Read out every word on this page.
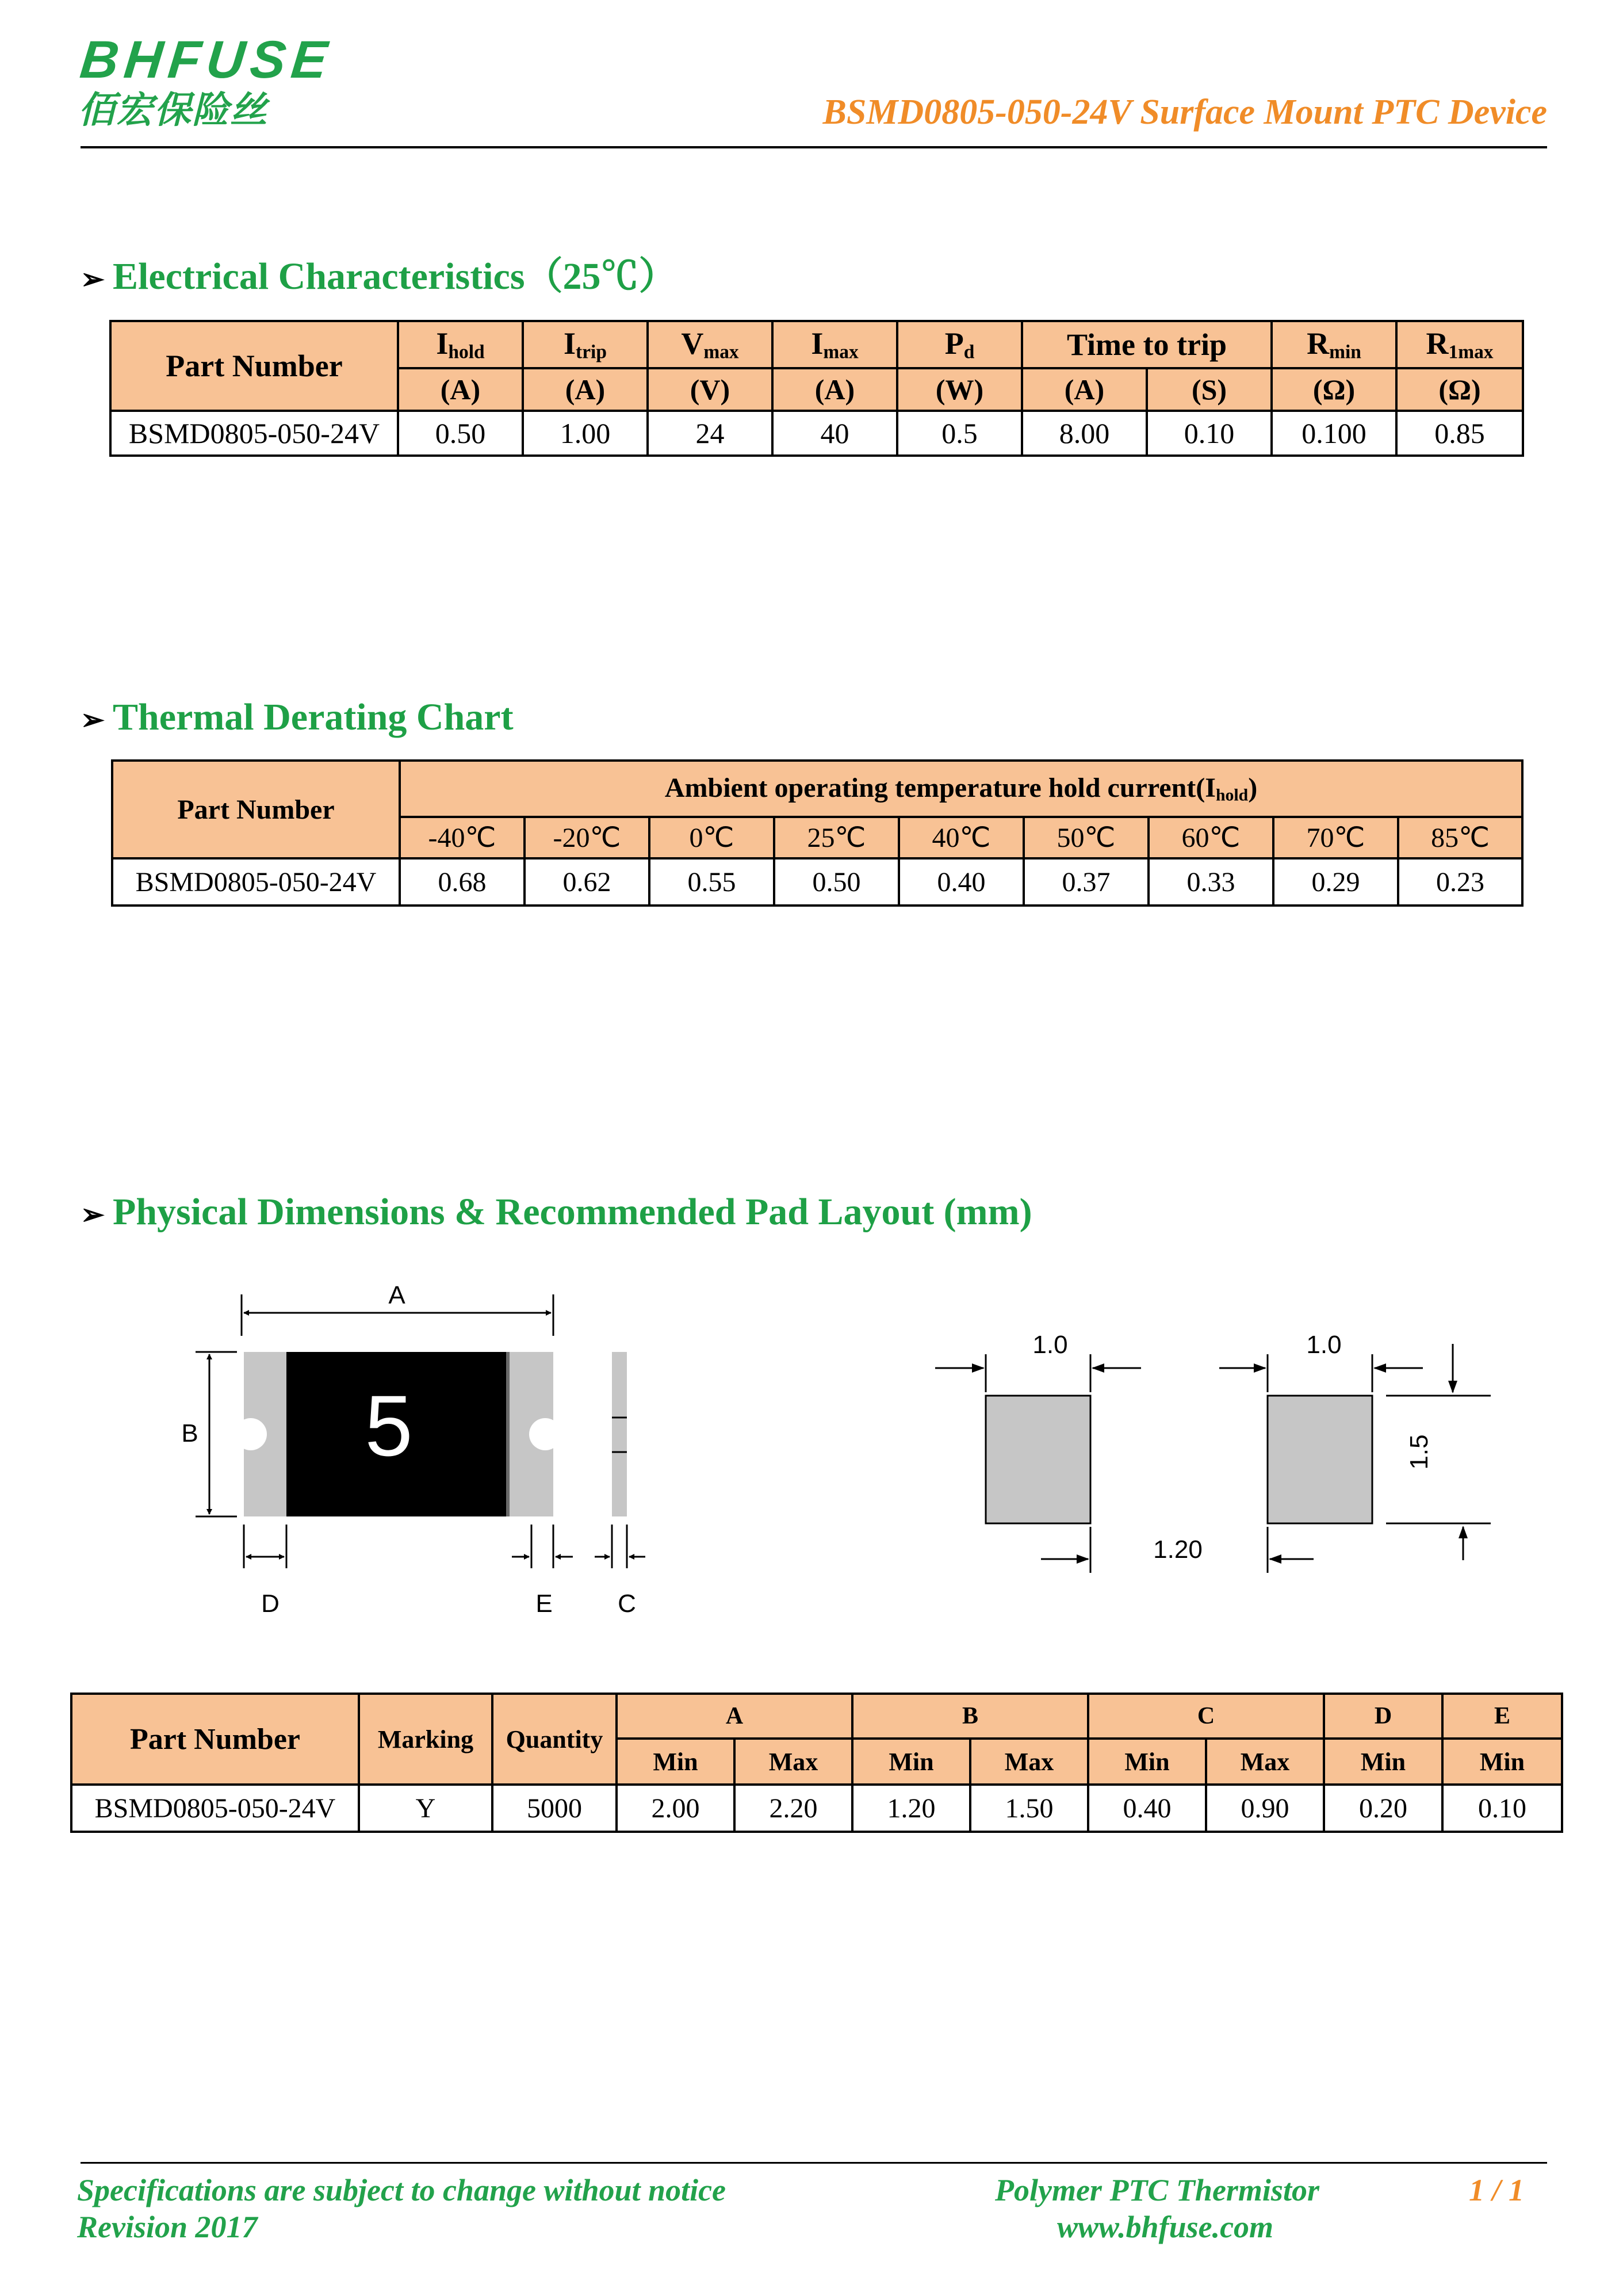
BHFUSE
佰宏保险丝	BSMD0805-050-24V Surface Mount PTC Device
➢ Electrical Characteristics（25℃）
Part Number	$I_{hold}$	$I_{trip}$	$V_{max}$	$I_{max}$	$P_d$	Time to trip		$R_{min}$	$R_{1max}$
	(A)	(A)	(V)	(A)	(W)	(A)	(S)	(Ω)	(Ω)
BSMD0805-050-24V	0.50	1.00	24	40	0.5	8.00	0.10	0.100	0.85
➢ Thermal Derating Chart
Part Number	Ambient operating temperature hold $current(I_{hold})$								
	-40℃	-20℃	0℃	25℃	40℃	50℃	60℃	70℃	85℃
BSMD0805-050-24V	0.68	0.62	0.55	0.50	0.40	0.37	0.33	0.29	0.23
➢ Physical Dimensions & Recommended Pad Layout (mm)
A
B 5
D	E	C
1.0	1.0
1.5
1.20
Part Number	Marking	Quantity	A		B		C		D	E
			Min	Max	Min	Max	Min	Max	Min	Min
BSMD0805-050-24V	Y	5000	2.00	2.20	1.20	1.50	0.40	0.90	0.20	0.10
Specifications are subject to change without notice
Revision 2017
Polymer PTC Thermistor
www.bhfuse.com
1 / 1
